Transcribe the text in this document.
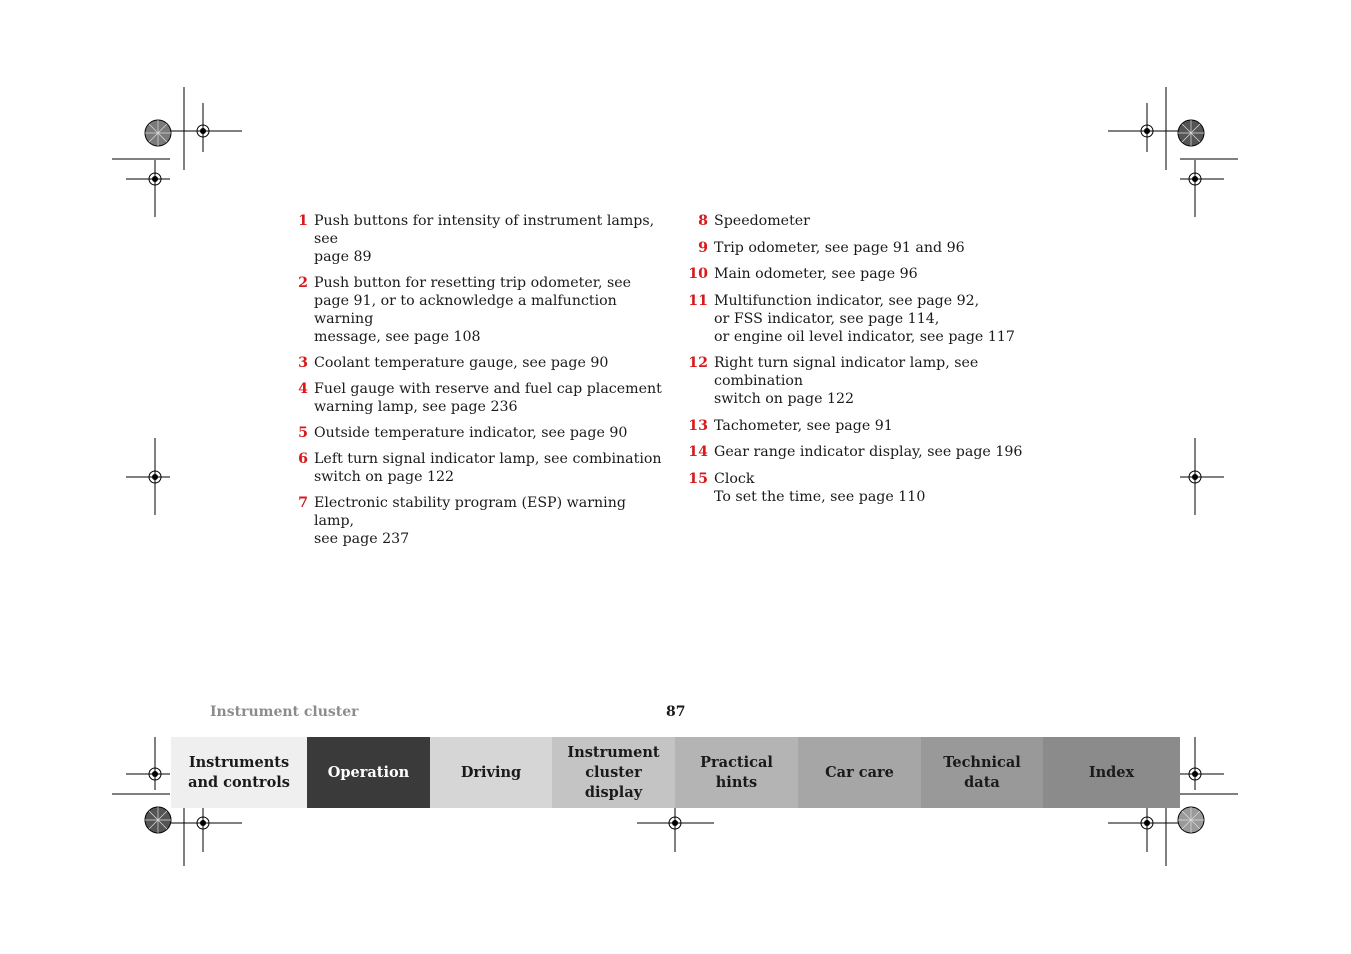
1 Push buttons for intensity of instrument lamps, see
page 89
2 Push button for resetting trip odometer, see
page 91, or to acknowledge a malfunction warning
message, see page 108
3 Coolant temperature gauge, see page 90
4 Fuel gauge with reserve and fuel cap placement
warning lamp, see page 236
5 Outside temperature indicator, see page 90
6 Left turn signal indicator lamp, see combination
switch on page 122
7 Electronic stability program (ESP) warning lamp,
see page 237
8 Speedometer
9 Trip odometer, see page 91 and 96
10 Main odometer, see page 96
11 Multifunction indicator, see page 92,
or FSS indicator, see page 114,
or engine oil level indicator, see page 117
12 Right turn signal indicator lamp, see combination
switch on page 122
13 Tachometer, see page 91
14 Gear range indicator display, see page 196
15 Clock
To set the time, see page 110
Instrument cluster	87
Instruments
and controls
Operation	Driving
Instrument
cluster display
Practical hints
Car care
Technical
data
Index
